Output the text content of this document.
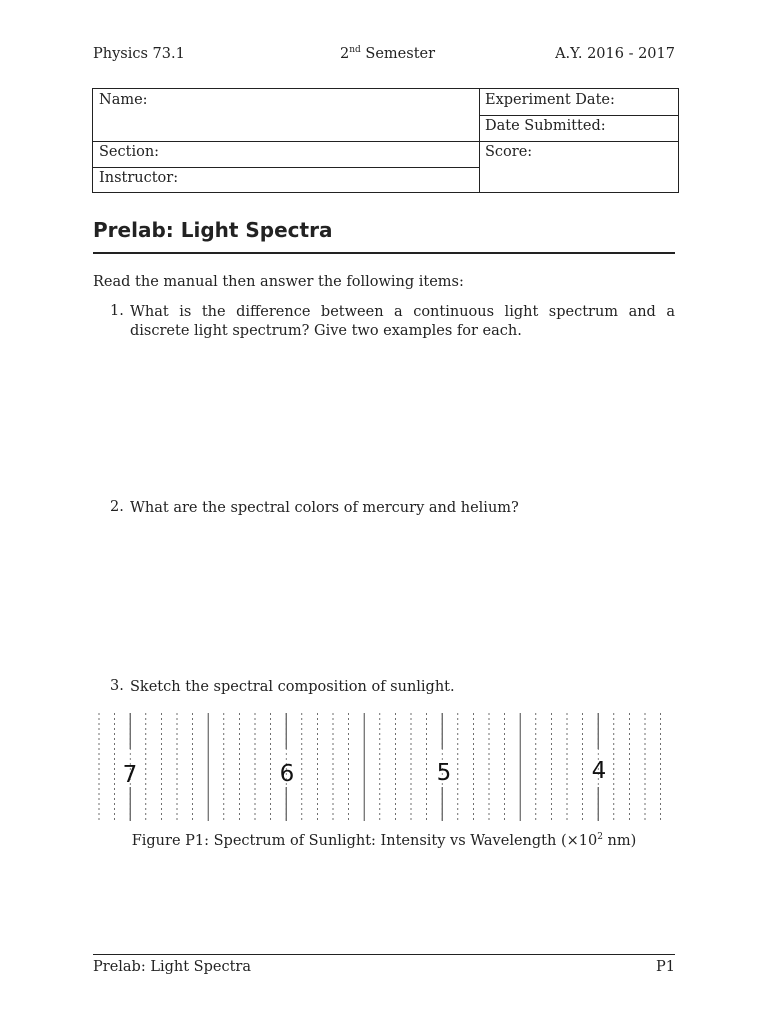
Physics 73.1	2nd Semester	A.Y. 2016 - 2017
Name:	Experiment Date:
Date Submitted:
Section:	Score:
Instructor:
Prelab: Light Spectra
Read the manual then answer the following items:
1. What is the difference between a continuous light spectrum and a discrete light spectrum? Give two examples for each.
2. What are the spectral colors of mercury and helium?
3. Sketch the spectral composition of sunlight.
7	6	5	4
Figure P1: Spectrum of Sunlight: Intensity vs Wavelength ($\times 10^2$ nm)
Prelab: Light Spectra	P1
